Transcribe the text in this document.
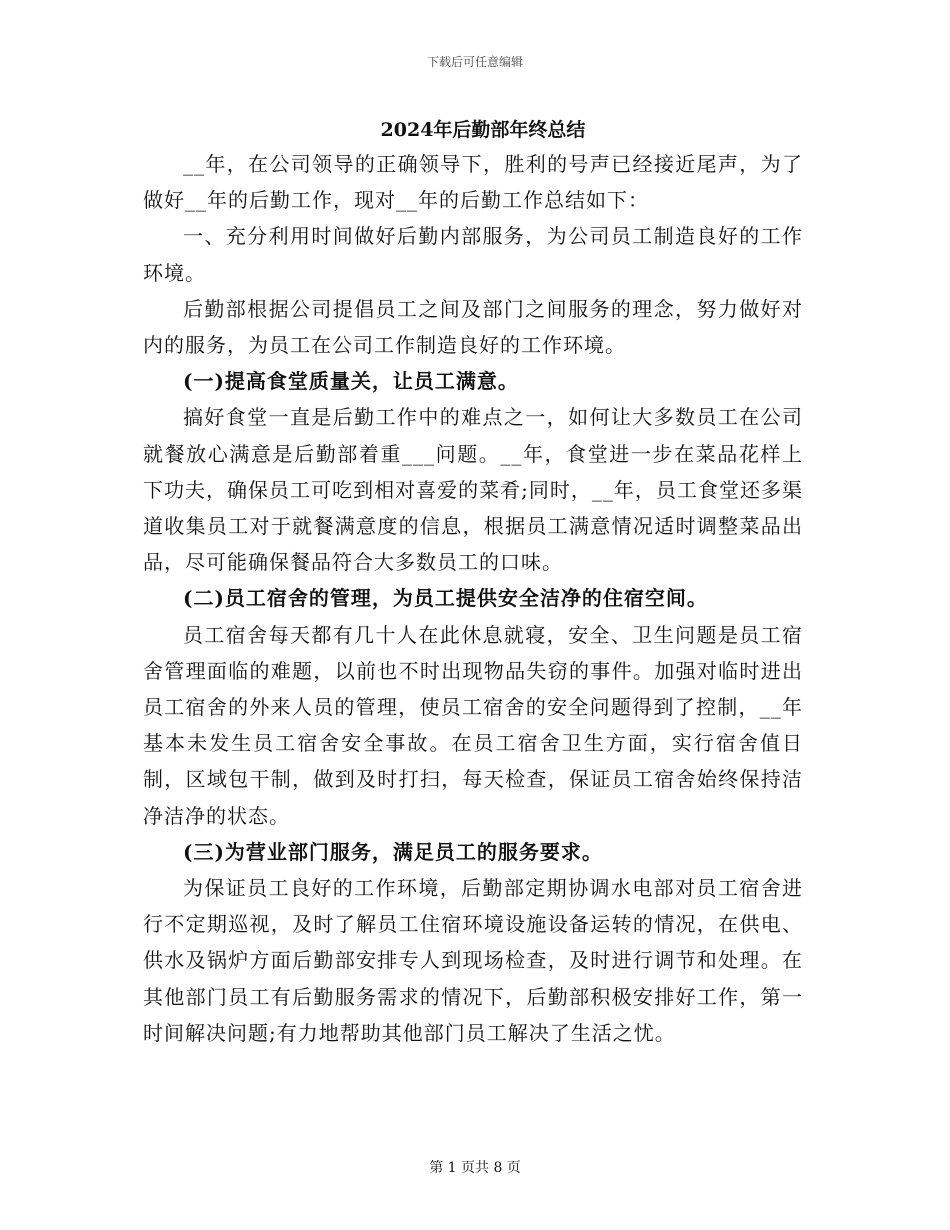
下载后可任意编辑
2024年后勤部年终总结

__年，在公司领导的正确领导下，胜利的号声已经接近尾声，为了做好__年的后勤工作，现对__年的后勤工作总结如下：

一、充分利用时间做好后勤内部服务，为公司员工制造良好的工作环境。

后勤部根据公司提倡员工之间及部门之间服务的理念，努力做好对内的服务，为员工在公司工作制造良好的工作环境。

(一)提高食堂质量关，让员工满意。

搞好食堂一直是后勤工作中的难点之一，如何让大多数员工在公司就餐放心满意是后勤部着重___问题。__年，食堂进一步在菜品花样上下功夫，确保员工可吃到相对喜爱的菜肴;同时，__年，员工食堂还多渠道收集员工对于就餐满意度的信息，根据员工满意情况适时调整菜品出品，尽可能确保餐品符合大多数员工的口味。

(二)员工宿舍的管理，为员工提供安全洁净的住宿空间。

员工宿舍每天都有几十人在此休息就寝，安全、卫生问题是员工宿舍管理面临的难题，以前也不时出现物品失窃的事件。加强对临时进出员工宿舍的外来人员的管理，使员工宿舍的安全问题得到了控制，__年基本未发生员工宿舍安全事故。在员工宿舍卫生方面，实行宿舍值日制，区域包干制，做到及时打扫，每天检查，保证员工宿舍始终保持洁净洁净的状态。

(三)为营业部门服务，满足员工的服务要求。

为保证员工良好的工作环境，后勤部定期协调水电部对员工宿舍进行不定期巡视，及时了解员工住宿环境设施设备运转的情况，在供电、供水及锅炉方面后勤部安排专人到现场检查，及时进行调节和处理。在其他部门员工有后勤服务需求的情况下，后勤部积极安排好工作，第一时间解决问题;有力地帮助其他部门员工解决了生活之忧。

第 1 页共 8 页
